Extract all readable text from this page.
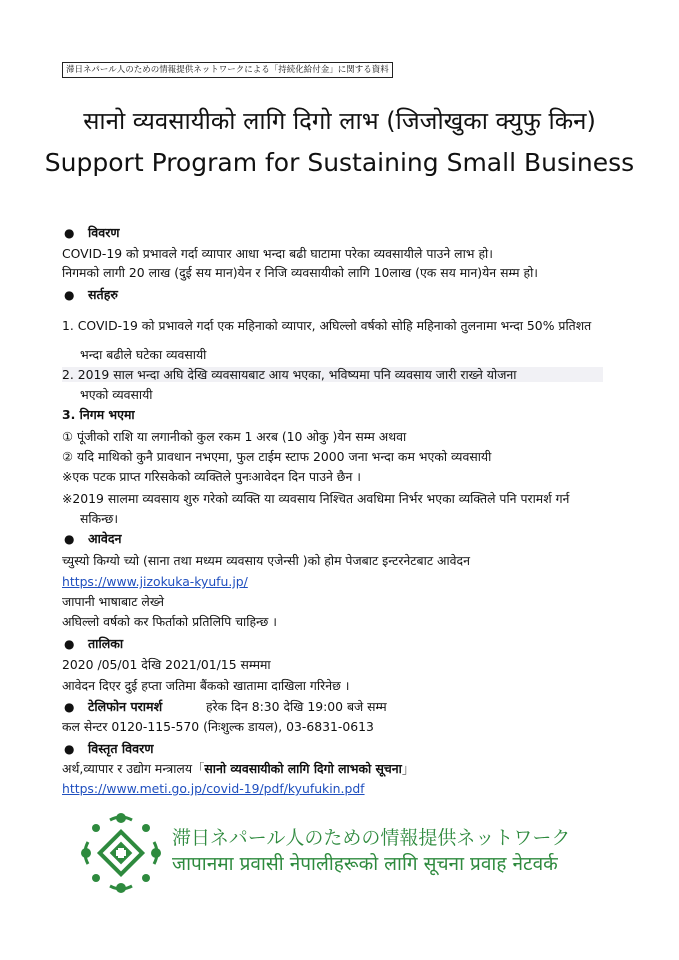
滞日ネパール人のための情報提供ネットワークによる「持続化給付金」に関する資料
सानो व्यवसायीको लागि दिगो लाभ (जिजोखुका क्युफु किन)
Support Program for Sustaining Small Business
● विवरण
COVID-19 को प्रभावले गर्दा व्यापार आधा भन्दा बढी घाटामा परेका व्यवसायीले पाउने लाभ हो।
निगमको लागी 20 लाख (दुई सय मान)येन र निजि व्यवसायीको लागि 10लाख (एक सय मान)येन सम्म हो।
● सर्तहरु
1. COVID-19 को प्रभावले गर्दा एक महिनाको व्यापार, अघिल्लो वर्षको सोहि महिनाको तुलनामा भन्दा 50% प्रतिशत
भन्दा बढीले घटेका व्यवसायी
2. 2019 साल भन्दा अघि देखि व्यवसायबाट आय भएका, भविष्यमा पनि व्यवसाय जारी राख्ने योजना
भएको व्यवसायी
3. निगम भएमा
① पूंजीको राशि या लगानीको कुल रकम 1 अरब (10 ओकु )येन सम्म अथवा
② यदि माथिको कुनै प्रावधान नभएमा, फुल टाईम स्टाफ 2000 जना भन्दा कम भएको व्यवसायी
※एक पटक प्राप्त गरिसकेको व्यक्तिले पुनःआवेदन दिन पाउने छैन ।
※2019 सालमा व्यवसाय शुरु गरेको व्यक्ति या व्यवसाय निश्चित अवधिमा निर्भर भएका व्यक्तिले पनि परामर्श गर्न
सकिन्छ।
● आवेदन
च्युस्यो किग्यो च्यो (साना तथा मध्यम व्यवसाय एजेन्सी )को होम पेजबाट इन्टरनेटबाट आवेदन
https://www.jizokuka-kyufu.jp/
जापानी भाषाबाट लेख्ने
अघिल्लो वर्षको कर फिर्ताको प्रतिलिपि चाहिन्छ ।
● तालिका
2020 /05/01 देखि 2021/01/15 सम्ममा
आवेदन दिएर दुई हप्ता जतिमा बैंकको खातामा दाखिला गरिनेछ ।
● टेलिफोन परामर्श	हरेक दिन 8:30 देखि 19:00 बजे सम्म
कल सेन्टर 0120-115-570 (निःशुल्क डायल), 03-6831-0613
● विस्तृत विवरण
अर्थ,व्यापार र उद्योग मन्त्रालय「सानो व्यवसायीको लागि दिगो लाभको सूचना」
https://www.meti.go.jp/covid-19/pdf/kyufukin.pdf
滞日ネパール人のための情報提供ネットワーク
जापानमा प्रवासी नेपालीहरूको लागि सूचना प्रवाह नेटवर्क
